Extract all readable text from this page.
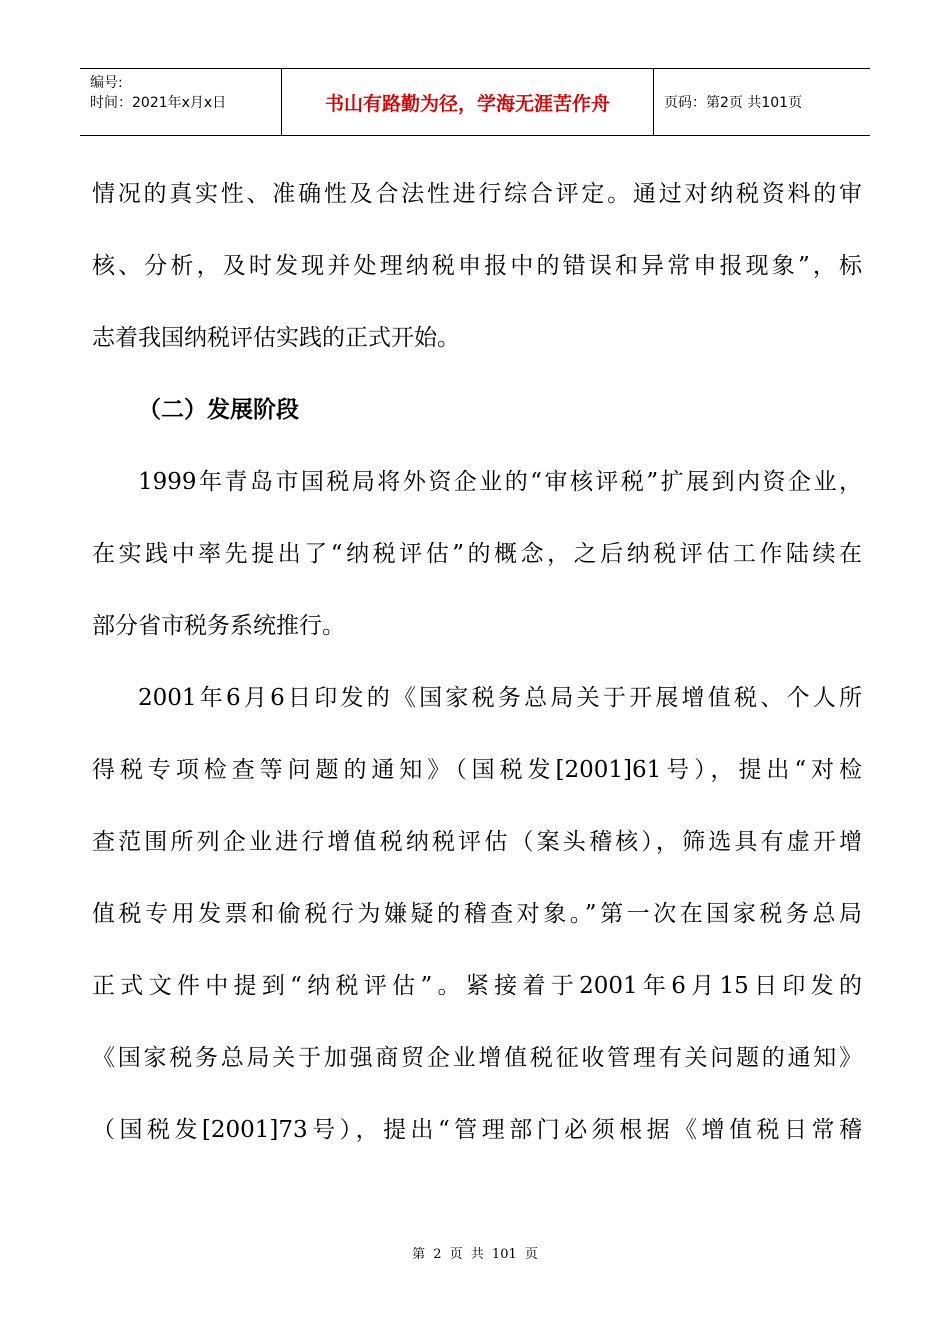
编号:
时间：2021年x月x日	书山有路勤为径，学海无涯苦作舟	页码：第2页 共101页
情况的真实性、准确性及合法性进行综合评定。通过对纳税资料的审
核、分析，及时发现并处理纳税申报中的错误和异常申报现象”，标
志着我国纳税评估实践的正式开始。
（二）发展阶段
1999年青岛市国税局将外资企业的“审核评税”扩展到内资企业，
在实践中率先提出了“纳税评估”的概念，之后纳税评估工作陆续在
部分省市税务系统推行。
2001年6月6日印发的《国家税务总局关于开展增值税、个人所
得税专项检查等问题的通知》（国税发[2001]61号），提出“对检
查范围所列企业进行增值税纳税评估（案头稽核），筛选具有虚开增
值税专用发票和偷税行为嫌疑的稽查对象。”第一次在国家税务总局
正式文件中提到“纳税评估”。紧接着于2001年6月15日印发的
《国家税务总局关于加强商贸企业增值税征收管理有关问题的通知》
（国税发[2001]73号），提出“管理部门必须根据《增值税日常稽
第 2 页 共 101 页
